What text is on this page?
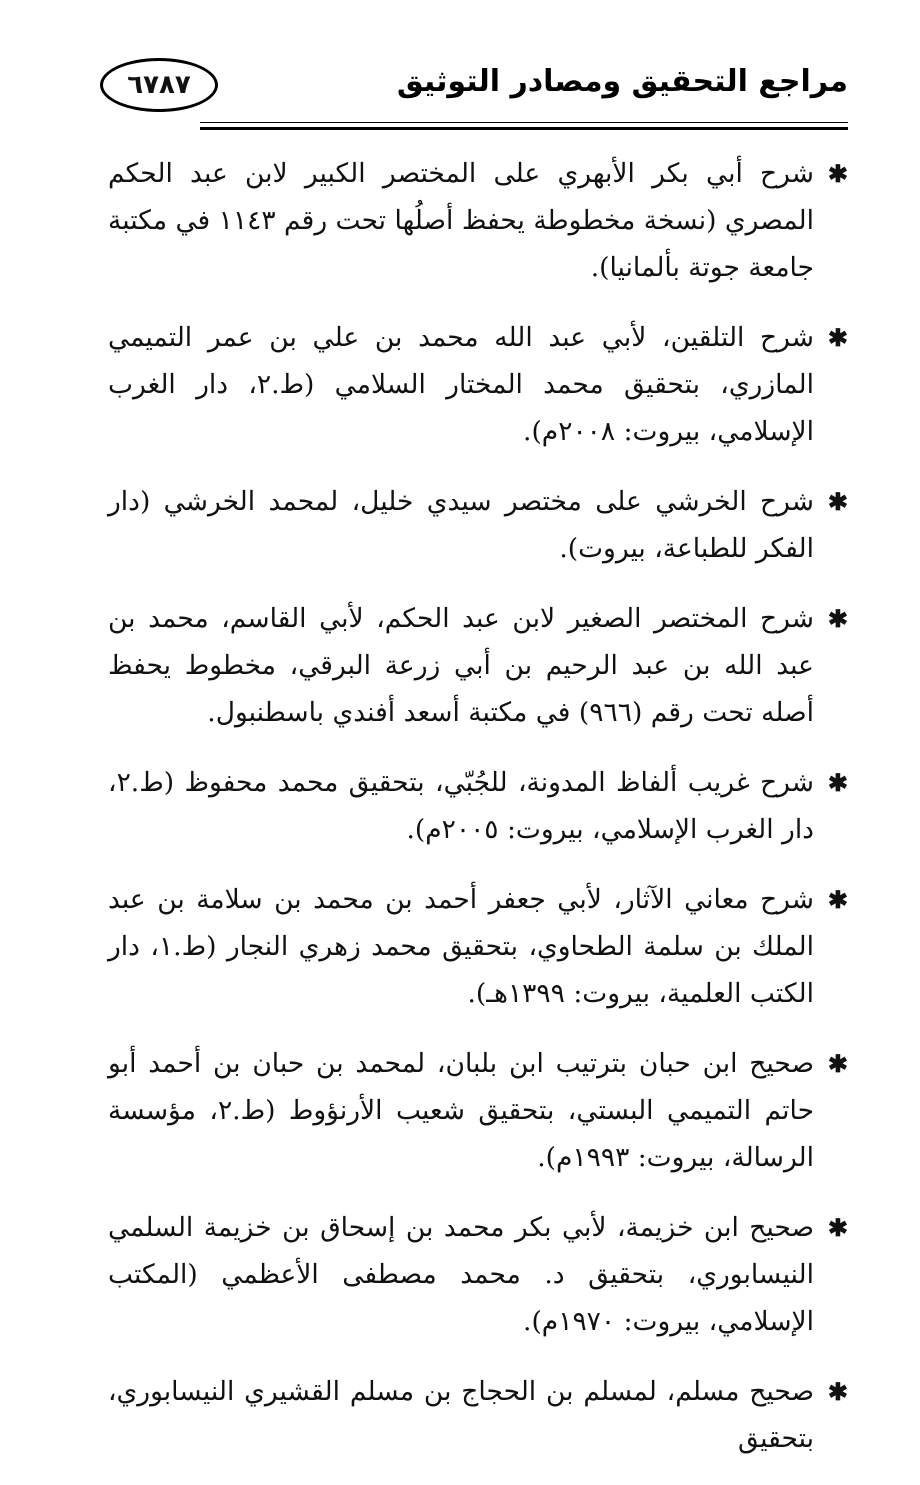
مراجع التحقيق ومصادر التوثيق
٦٧٨٧
✱
شرح أبي بكر الأبهري على المختصر الكبير لابن عبد الحكم المصري (نسخة مخطوطة يحفظ أصلُها تحت رقم ١١٤٣ في مكتبة جامعة جوتة بألمانيا).
✱
شرح التلقين، لأبي عبد الله محمد بن علي بن عمر التميمي المازري، بتحقيق محمد المختار السلامي (ط.٢، دار الغرب الإسلامي، بيروت: ٢٠٠٨م).
✱
شرح الخرشي على مختصر سيدي خليل، لمحمد الخرشي (دار الفكر للطباعة، بيروت).
✱
شرح المختصر الصغير لابن عبد الحكم، لأبي القاسم، محمد بن عبد الله بن عبد الرحيم بن أبي زرعة البرقي، مخطوط يحفظ أصله تحت رقم (٩٦٦) في مكتبة أسعد أفندي باسطنبول.
✱
شرح غريب ألفاظ المدونة، للجُبّي، بتحقيق محمد محفوظ (ط.٢، دار الغرب الإسلامي، بيروت: ٢٠٠٥م).
✱
شرح معاني الآثار، لأبي جعفر أحمد بن محمد بن سلامة بن عبد الملك بن سلمة الطحاوي، بتحقيق محمد زهري النجار (ط.١، دار الكتب العلمية، بيروت: ١٣٩٩هـ).
✱
صحيح ابن حبان بترتيب ابن بلبان، لمحمد بن حبان بن أحمد أبو حاتم التميمي البستي، بتحقيق شعيب الأرنؤوط (ط.٢، مؤسسة الرسالة، بيروت: ١٩٩٣م).
✱
صحيح ابن خزيمة، لأبي بكر محمد بن إسحاق بن خزيمة السلمي النيسابوري، بتحقيق د. محمد مصطفى الأعظمي (المكتب الإسلامي، بيروت: ١٩٧٠م).
✱
صحيح مسلم، لمسلم بن الحجاج بن مسلم القشيري النيسابوري، بتحقيق
